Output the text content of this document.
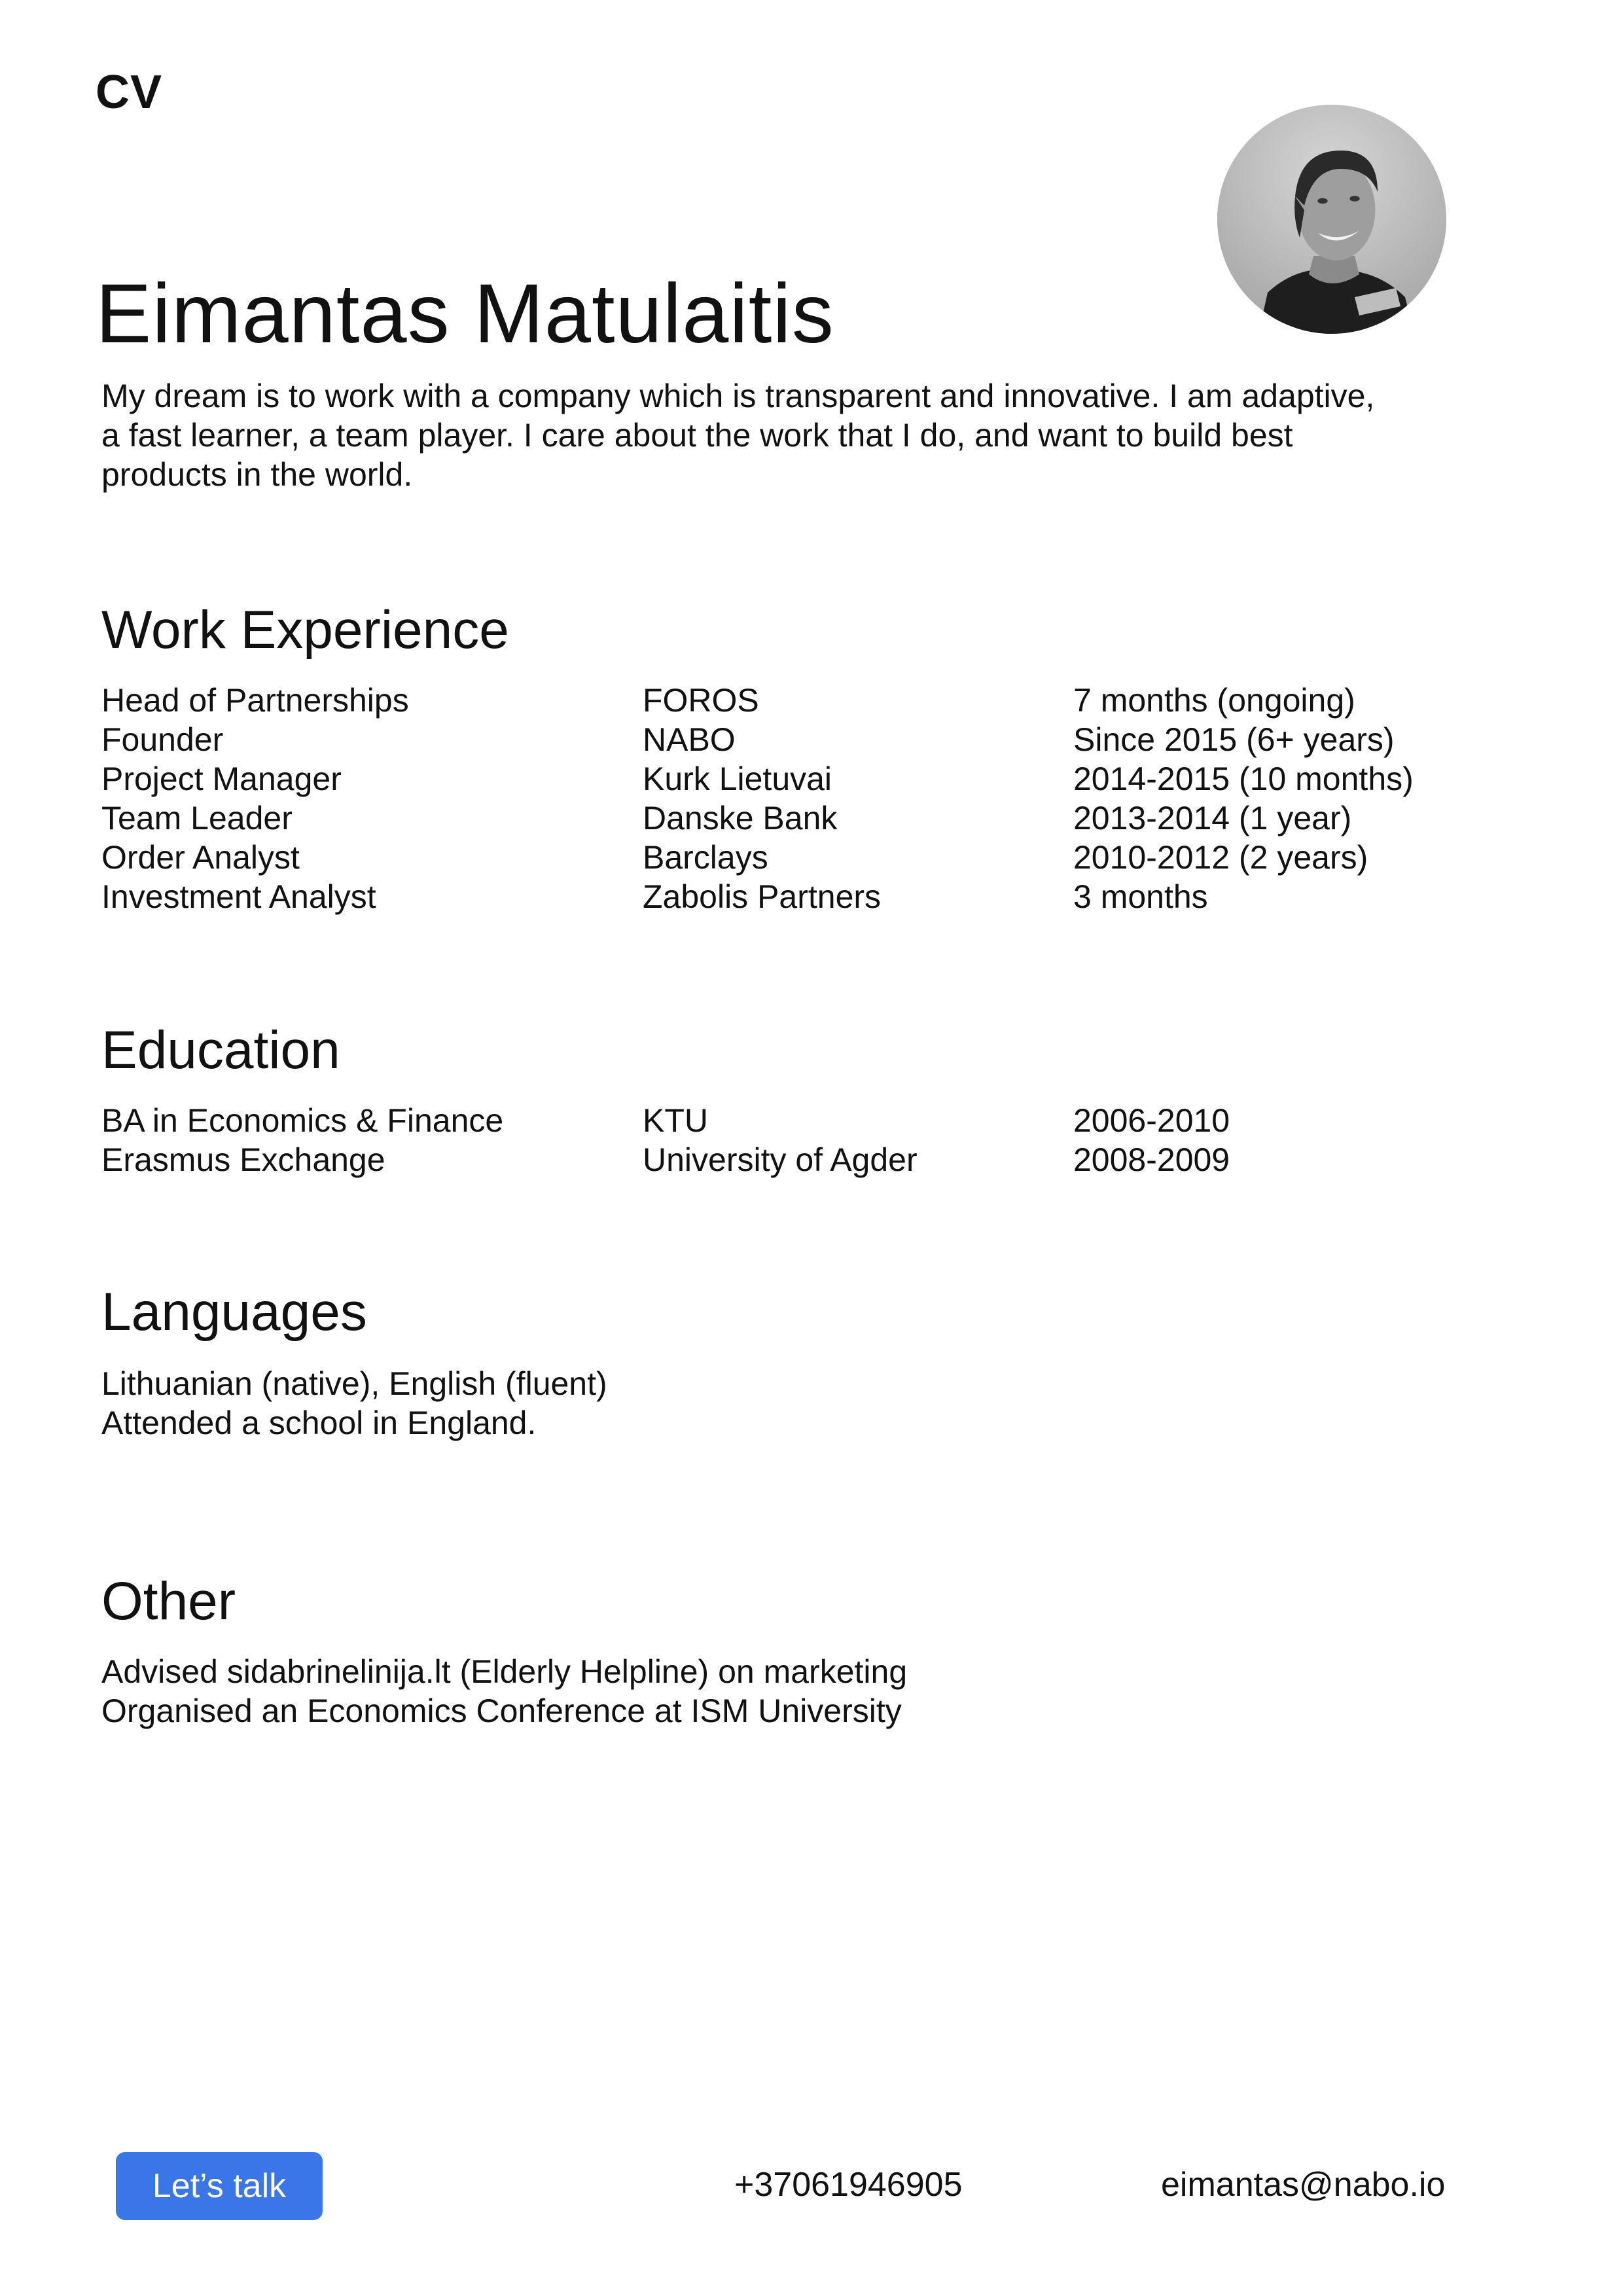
CV
Eimantas Matulaitis
My dream is to work with a company which is transparent and innovative. I am adaptive,
a fast learner, a team player. I care about the work that I do, and want to build best
products in the world.
Work Experience
Head of Partnerships	FOROS	7 months (ongoing)
Founder	NABO	Since 2015 (6+ years)
Project Manager	Kurk Lietuvai	2014-2015 (10 months)
Team Leader	Danske Bank	2013-2014 (1 year)
Order Analyst	Barclays	2010-2012 (2 years)
Investment Analyst	Zabolis Partners	3 months
Education
BA in Economics & Finance	KTU	2006-2010
Erasmus Exchange	University of Agder	2008-2009
Languages
Lithuanian (native), English (fluent)
Attended a school in England.
Other
Advised sidabrinelinija.lt (Elderly Helpline) on marketing
Organised an Economics Conference at ISM University
Let’s talk	+37061946905	eimantas@nabo.io
